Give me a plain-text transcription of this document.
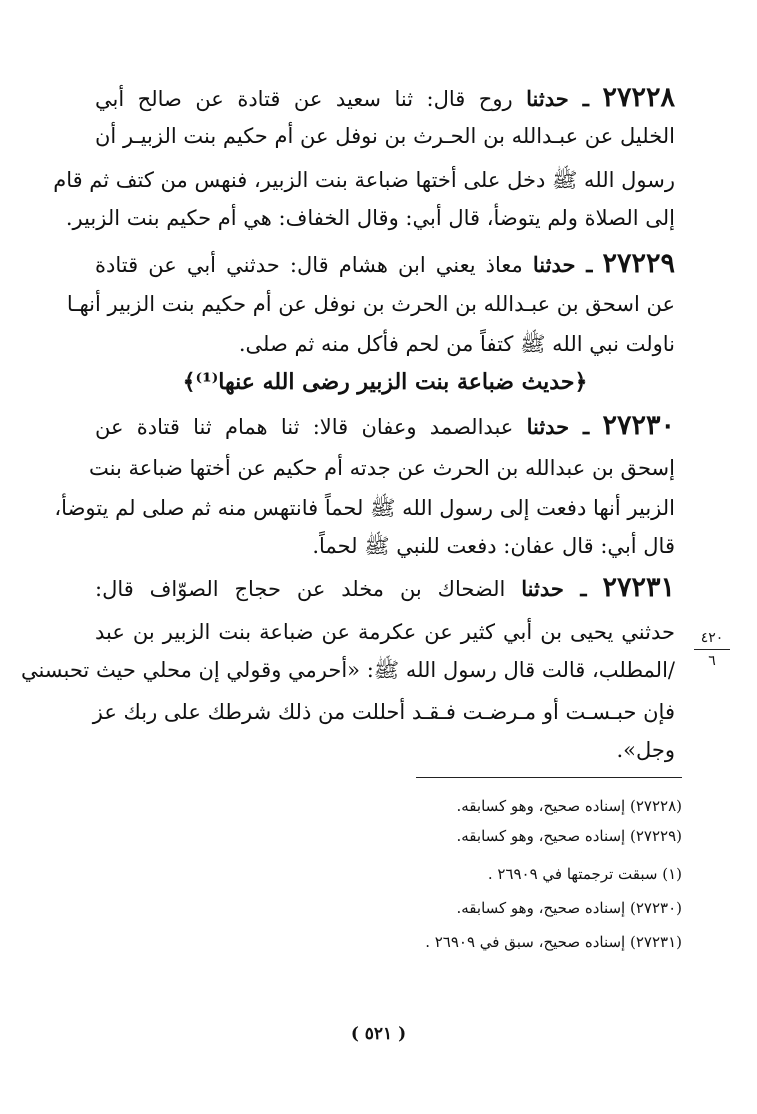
٢٧٢٢٨ ـ حدثنا روح قال: ثنا سعيد عن قتادة عن صالح أبي
الخليل عن عبـدالله بن الحـرث بن نوفل عن أم حكيم بنت الزبيـر أن
رسول الله ﷺ دخل على أختها ضباعة بنت الزبير، فنهس من كتف ثم قام
إلى الصلاة ولم يتوضأ، قال أبي: وقال الخفاف: هي أم حكيم بنت الزبير.
٢٧٢٢٩ ـ حدثنا معاذ يعني ابن هشام قال: حدثني أبي عن قتادة
عن اسحق بن عبـدالله بن الحرث بن نوفل عن أم حكيم بنت الزبير أنهـا
ناولت نبي الله ﷺ كتفاً من لحم فأكل منه ثم صلى.
﴿حديث ضباعة بنت الزبير رضى الله عنها⁽¹⁾﴾
٢٧٢٣٠ ـ حدثنا عبدالصمد وعفان قالا: ثنا همام ثنا قتادة عن
إسحق بن عبدالله بن الحرث عن جدته أم حكيم عن أختها ضباعة بنت
الزبير أنها دفعت إلى رسول الله ﷺ لحماً فانتهس منه ثم صلى لم يتوضأ،
قال أبي: قال عفان: دفعت للنبي ﷺ لحماً.
٢٧٢٣١ ـ حدثنا الضحاك بن مخلد عن حجاج الصوّاف قال:
حدثني يحيى بن أبي كثير عن عكرمة عن ضباعة بنت الزبير بن عبد
/المطلب، قالت قال رسول الله ﷺ: «أحرمي وقولي إن محلي حيث تحبسني
فإن حبـسـت أو مـرضـت فـقـد أحللت من ذلك شرطك على ربك عز
وجل».
٤٢٠
٦
(٢٧٢٢٨) إسناده صحيح، وهو كسابقه.
(٢٧٢٢٩) إسناده صحيح، وهو كسابقه.
(١) سبقت ترجمتها في ٢٦٩٠٩ .
(٢٧٢٣٠) إسناده صحيح، وهو كسابقه.
(٢٧٢٣١) إسناده صحيح، سبق في ٢٦٩٠٩ .
( ٥٢١ )
